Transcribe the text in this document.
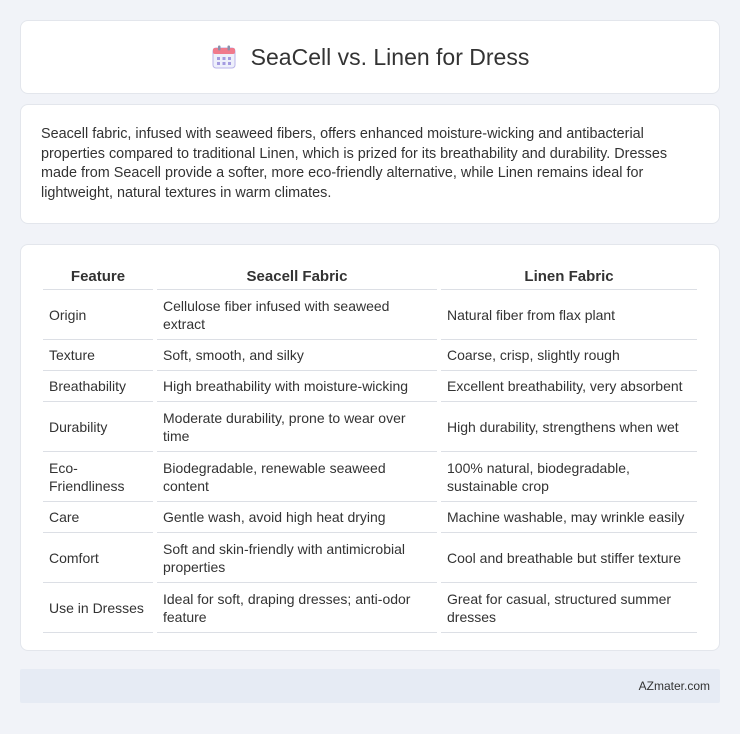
SeaCell vs. Linen for Dress

Seacell fabric, infused with seaweed fibers, offers enhanced moisture-wicking and antibacterial properties compared to traditional Linen, which is prized for its breathability and durability. Dresses made from Seacell provide a softer, more eco-friendly alternative, while Linen remains ideal for lightweight, natural textures in warm climates.

Feature	Seacell Fabric	Linen Fabric
Origin	Cellulose fiber infused with seaweed extract	Natural fiber from flax plant
Texture	Soft, smooth, and silky	Coarse, crisp, slightly rough
Breathability	High breathability with moisture-wicking	Excellent breathability, very absorbent
Durability	Moderate durability, prone to wear over time	High durability, strengthens when wet
Eco-Friendliness	Biodegradable, renewable seaweed content	100% natural, biodegradable, sustainable crop
Care	Gentle wash, avoid high heat drying	Machine washable, may wrinkle easily
Comfort	Soft and skin-friendly with antimicrobial properties	Cool and breathable but stiffer texture
Use in Dresses	Ideal for soft, draping dresses; anti-odor feature	Great for casual, structured summer dresses
AZmater.com
